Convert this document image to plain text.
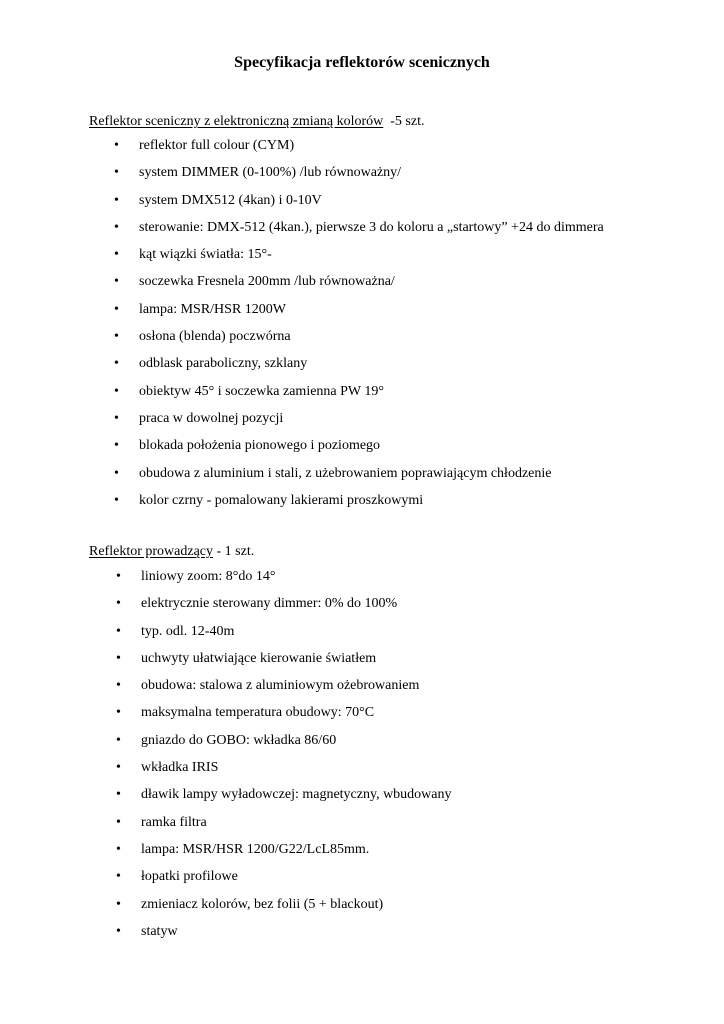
Specyfikacja reflektorów scenicznych

Reflektor sceniczny z elektroniczną zmianą kolorów  -5 szt.

• reflektor full colour (CYM)
• system DIMMER (0-100%) /lub równoważny/
• system DMX512 (4kan) i 0-10V
• sterowanie: DMX-512 (4kan.), pierwsze 3 do koloru a „startowy” +24 do dimmera
• kąt wiązki światła: 15°-
• soczewka Fresnela 200mm /lub równoważna/
• lampa: MSR/HSR 1200W
• osłona (blenda) poczwórna
• odblask paraboliczny, szklany
• obiektyw 45° i soczewka zamienna PW 19°
• praca w dowolnej pozycji
• blokada położenia pionowego i poziomego
• obudowa z aluminium i stali, z użebrowaniem poprawiającym chłodzenie
• kolor czrny - pomalowany lakierami proszkowymi

Reflektor prowadzący - 1 szt.

• liniowy zoom: 8°do 14°
• elektrycznie sterowany dimmer: 0% do 100%
• typ. odl. 12-40m
• uchwyty ułatwiające kierowanie światłem
• obudowa: stalowa z aluminiowym ożebrowaniem
• maksymalna temperatura obudowy: 70°C
• gniazdo do GOBO: wkładka 86/60
• wkładka IRIS
• dławik lampy wyładowczej: magnetyczny, wbudowany
• ramka filtra
• lampa: MSR/HSR 1200/G22/LcL85mm.
• łopatki profilowe
• zmieniacz kolorów, bez folii (5 + blackout)
• statyw
